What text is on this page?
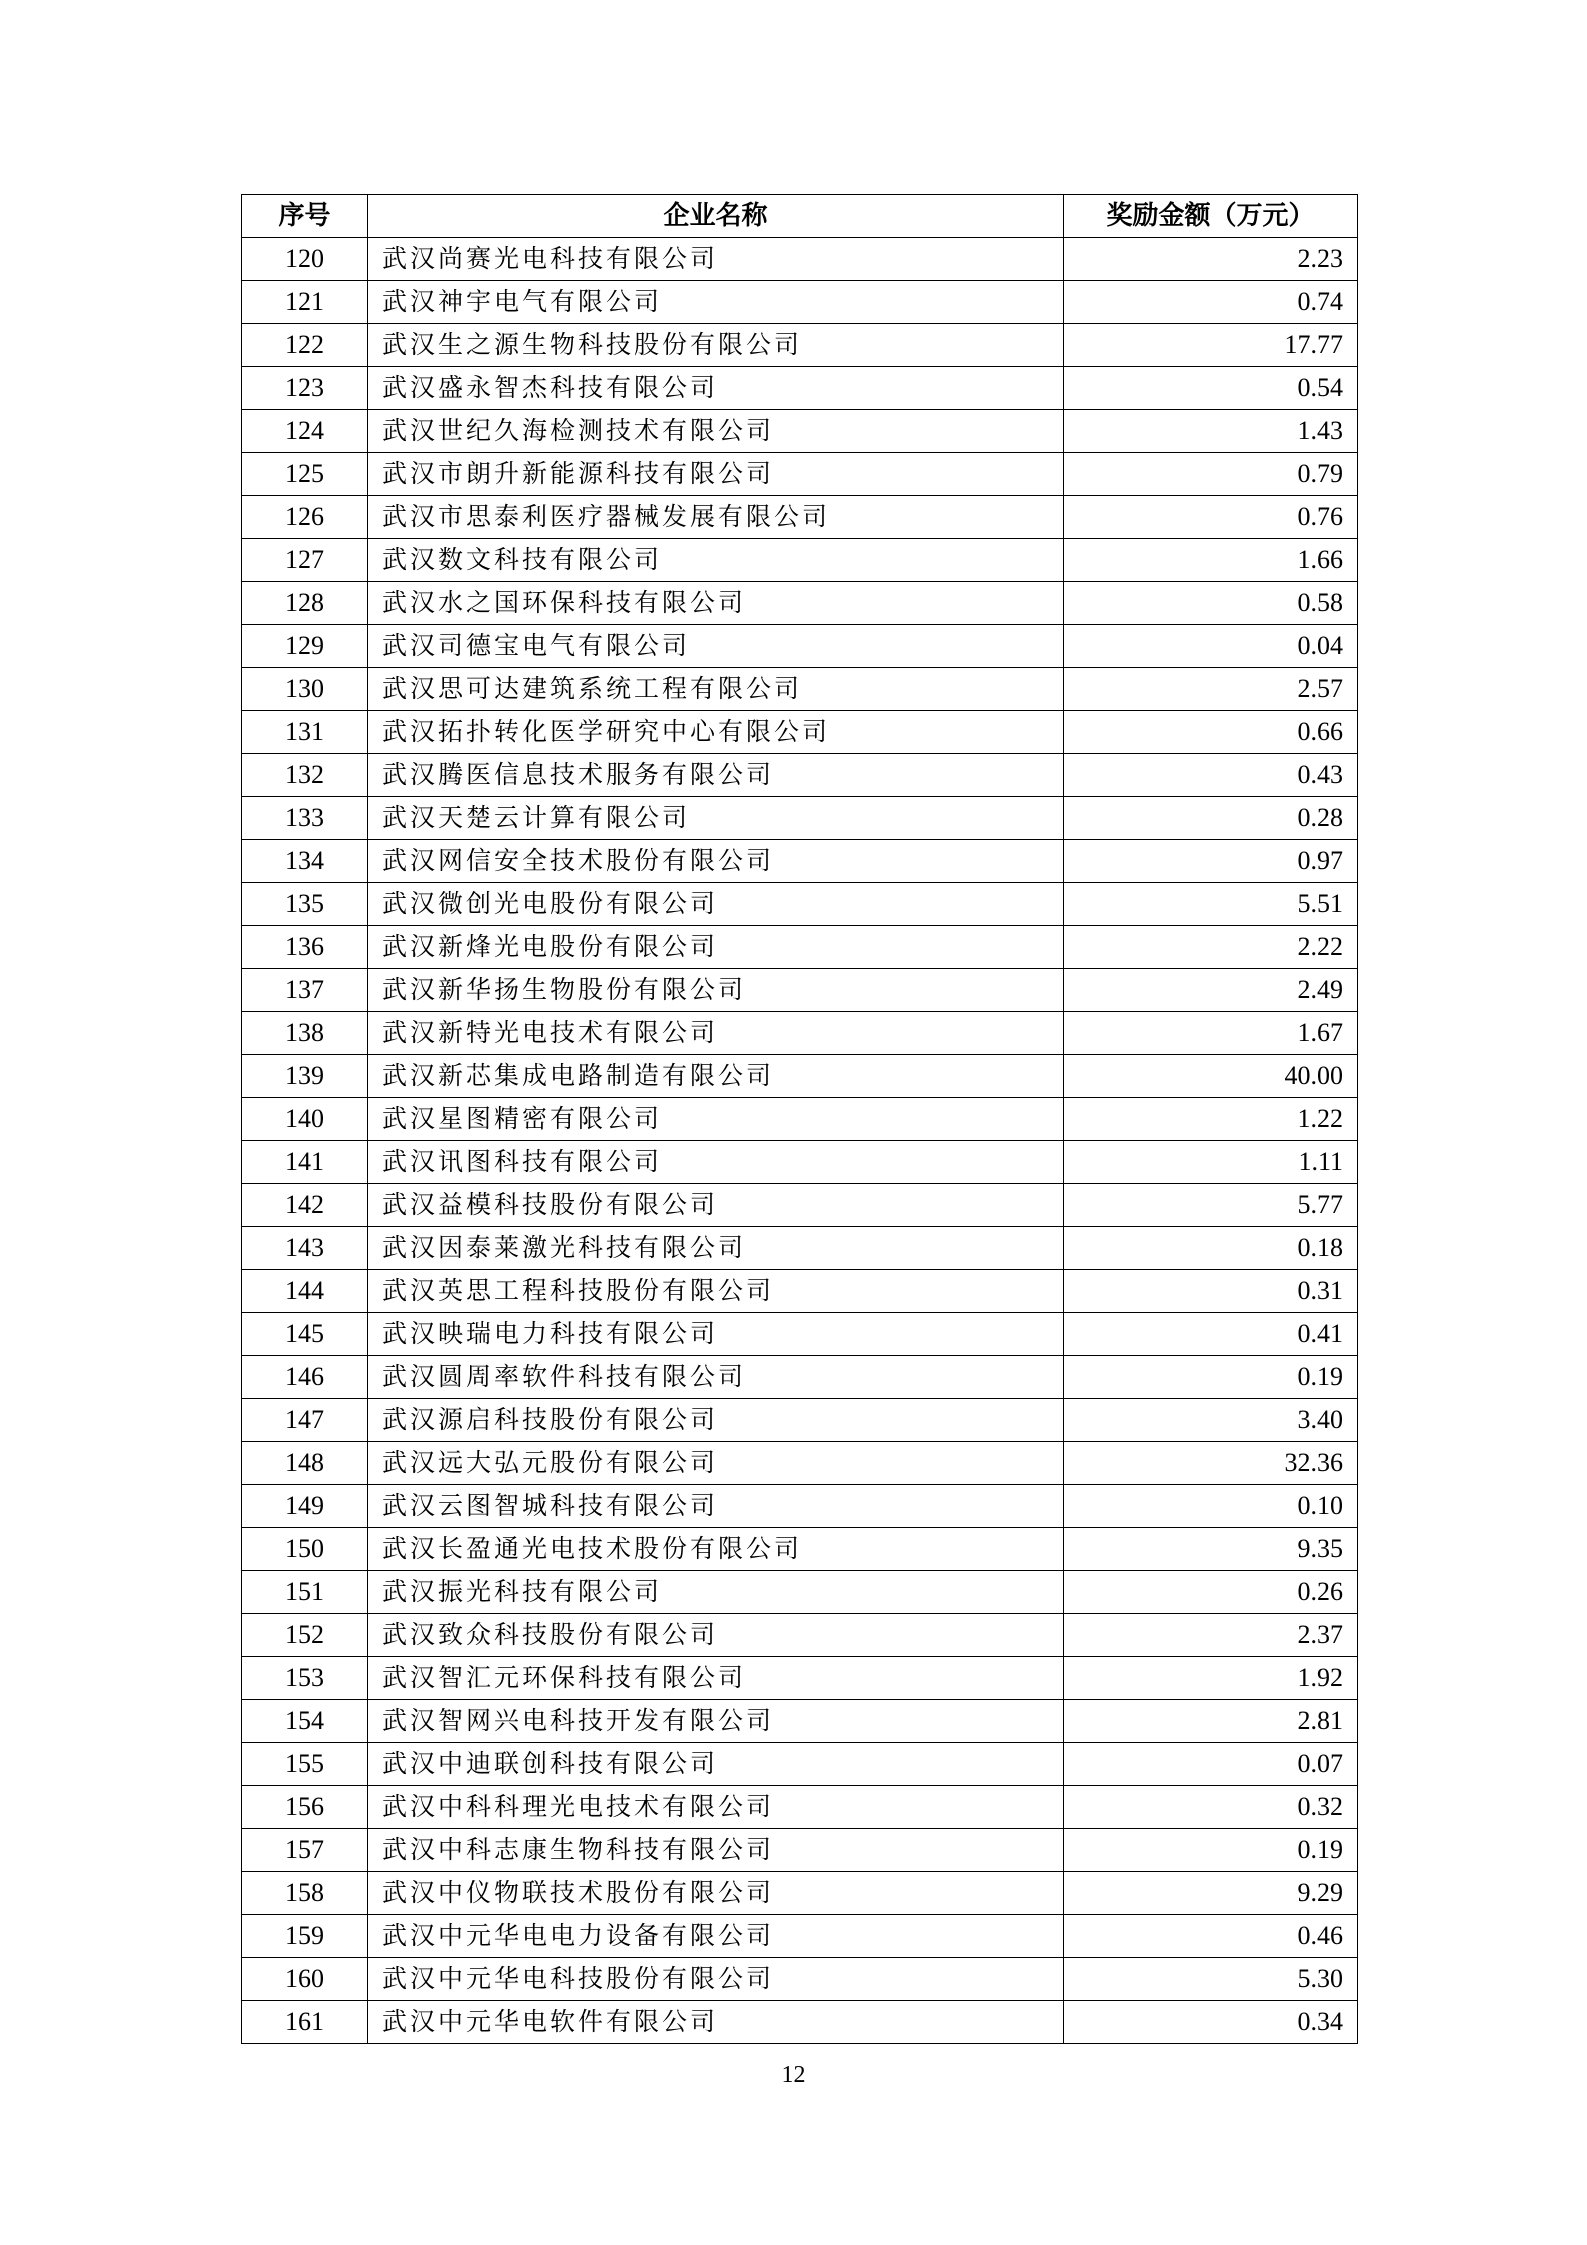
序号	企业名称	奖励金额（万元）
120	武汉尚赛光电科技有限公司	2.23
121	武汉神宇电气有限公司	0.74
122	武汉生之源生物科技股份有限公司	17.77
123	武汉盛永智杰科技有限公司	0.54
124	武汉世纪久海检测技术有限公司	1.43
125	武汉市朗升新能源科技有限公司	0.79
126	武汉市思泰利医疗器械发展有限公司	0.76
127	武汉数文科技有限公司	1.66
128	武汉水之国环保科技有限公司	0.58
129	武汉司德宝电气有限公司	0.04
130	武汉思可达建筑系统工程有限公司	2.57
131	武汉拓扑转化医学研究中心有限公司	0.66
132	武汉腾医信息技术服务有限公司	0.43
133	武汉天楚云计算有限公司	0.28
134	武汉网信安全技术股份有限公司	0.97
135	武汉微创光电股份有限公司	5.51
136	武汉新烽光电股份有限公司	2.22
137	武汉新华扬生物股份有限公司	2.49
138	武汉新特光电技术有限公司	1.67
139	武汉新芯集成电路制造有限公司	40.00
140	武汉星图精密有限公司	1.22
141	武汉讯图科技有限公司	1.11
142	武汉益模科技股份有限公司	5.77
143	武汉因泰莱激光科技有限公司	0.18
144	武汉英思工程科技股份有限公司	0.31
145	武汉映瑞电力科技有限公司	0.41
146	武汉圆周率软件科技有限公司	0.19
147	武汉源启科技股份有限公司	3.40
148	武汉远大弘元股份有限公司	32.36
149	武汉云图智城科技有限公司	0.10
150	武汉长盈通光电技术股份有限公司	9.35
151	武汉振光科技有限公司	0.26
152	武汉致众科技股份有限公司	2.37
153	武汉智汇元环保科技有限公司	1.92
154	武汉智网兴电科技开发有限公司	2.81
155	武汉中迪联创科技有限公司	0.07
156	武汉中科科理光电技术有限公司	0.32
157	武汉中科志康生物科技有限公司	0.19
158	武汉中仪物联技术股份有限公司	9.29
159	武汉中元华电电力设备有限公司	0.46
160	武汉中元华电科技股份有限公司	5.30
161	武汉中元华电软件有限公司	0.34
12
